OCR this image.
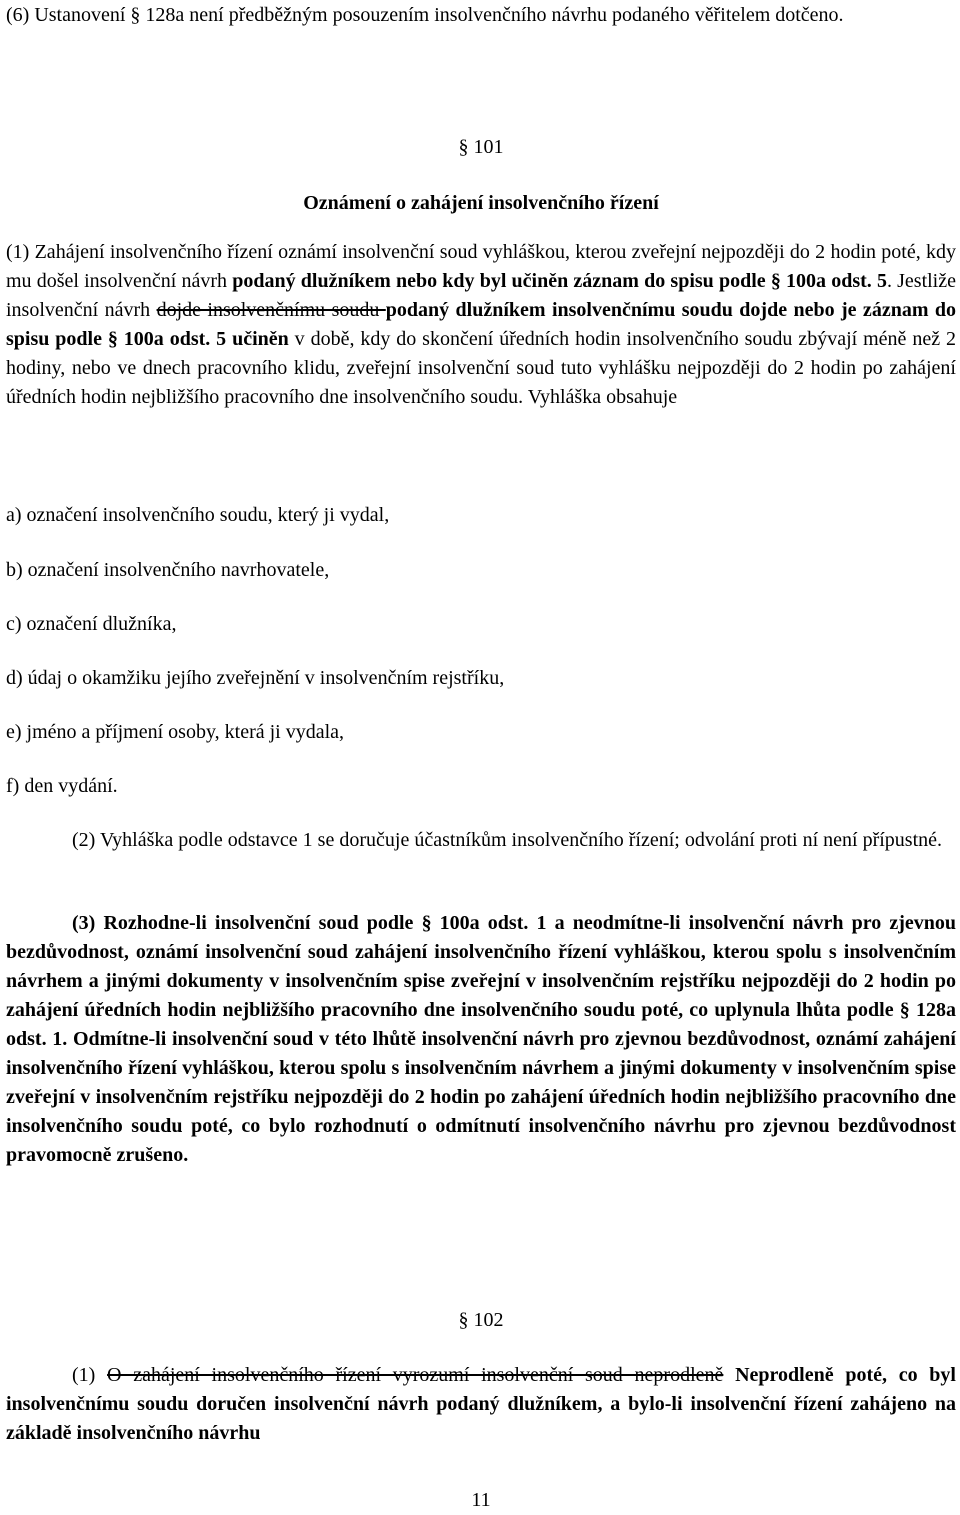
(6) Ustanovení § 128a není předběžným posouzením insolvenčního návrhu podaného věřitelem dotčeno.

§ 101

Oznámení o zahájení insolvenčního řízení

(1) Zahájení insolvenčního řízení oznámí insolvenční soud vyhláškou, kterou zveřejní nejpozději do 2 hodin poté, kdy mu došel insolvenční návrh podaný dlužníkem nebo kdy byl učiněn záznam do spisu podle § 100a odst. 5. Jestliže insolvenční návrh dojde insolvenčnímu soudu podaný dlužníkem insolvenčnímu soudu dojde nebo je záznam do spisu podle § 100a odst. 5 učiněn v době, kdy do skončení úředních hodin insolvenčního soudu zbývají méně než 2 hodiny, nebo ve dnech pracovního klidu, zveřejní insolvenční soud tuto vyhlášku nejpozději do 2 hodin po zahájení úředních hodin nejbližšího pracovního dne insolvenčního soudu. Vyhláška obsahuje

a) označení insolvenčního soudu, který ji vydal,

b) označení insolvenčního navrhovatele,

c) označení dlužníka,

d) údaj o okamžiku jejího zveřejnění v insolvenčním rejstříku,

e) jméno a příjmení osoby, která ji vydala,

f) den vydání.

(2) Vyhláška podle odstavce 1 se doručuje účastníkům insolvenčního řízení; odvolání proti ní není přípustné.

(3) Rozhodne-li insolvenční soud podle § 100a odst. 1 a neodmítne-li insolvenční návrh pro zjevnou bezdůvodnost, oznámí insolvenční soud zahájení insolvenčního řízení vyhláškou, kterou spolu s insolvenčním návrhem a jinými dokumenty v insolvenčním spise zveřejní v insolvenčním rejstříku nejpozději do 2 hodin po zahájení úředních hodin nejbližšího pracovního dne insolvenčního soudu poté, co uplynula lhůta podle § 128a odst. 1. Odmítne-li insolvenční soud v této lhůtě insolvenční návrh pro zjevnou bezdůvodnost, oznámí zahájení insolvenčního řízení vyhláškou, kterou spolu s insolvenčním návrhem a jinými dokumenty v insolvenčním spise zveřejní v insolvenčním rejstříku nejpozději do 2 hodin po zahájení úředních hodin nejbližšího pracovního dne insolvenčního soudu poté, co bylo rozhodnutí o odmítnutí insolvenčního návrhu pro zjevnou bezdůvodnost pravomocně zrušeno.

§ 102

(1) O zahájení insolvenčního řízení vyrozumí insolvenční soud neprodleně Neprodleně poté, co byl insolvenčnímu soudu doručen insolvenční návrh podaný dlužníkem, a bylo-li insolvenční řízení zahájeno na základě insolvenčního návrhu

11
